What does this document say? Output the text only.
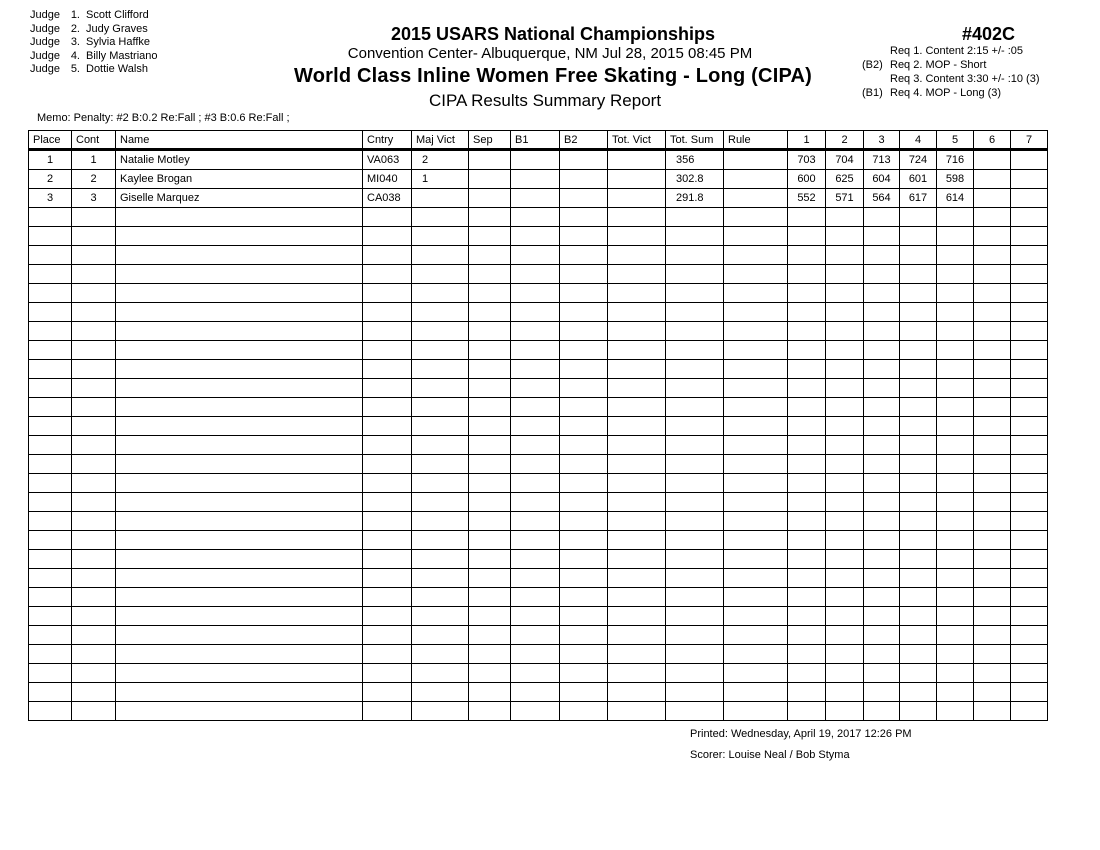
Judge 1. Scott Clifford
Judge 2. Judy Graves
Judge 3. Sylvia Haffke
Judge 4. Billy Mastriano
Judge 5. Dottie Walsh
2015 USARS National Championships
Convention Center- Albuquerque, NM Jul 28, 2015 08:45 PM
World Class Inline Women Free Skating - Long (CIPA)
CIPA Results Summary Report
#402C
Req 1. Content 2:15 +/- :05
(B2) Req 2. MOP - Short
Req 3. Content 3:30 +/- :10 (3)
(B1) Req 4. MOP - Long (3)
Memo: Penalty: #2 B:0.2 Re:Fall ; #3 B:0.6 Re:Fall ;
Place	Cont	Name	Cntry	Maj Vict	Sep	B1	B2	Tot. Vict	Tot. Sum	Rule	1	2	3	4	5	6	7
1	1	Natalie Motley	VA063	2					356		703	704	713	724	716		
2	2	Kaylee Brogan	MI040	1					302.8		600	625	604	601	598		
3	3	Giselle Marquez	CA038						291.8		552	571	564	617	614		

Printed: Wednesday, April 19, 2017 12:26 PM
Scorer: Louise Neal / Bob Styma
